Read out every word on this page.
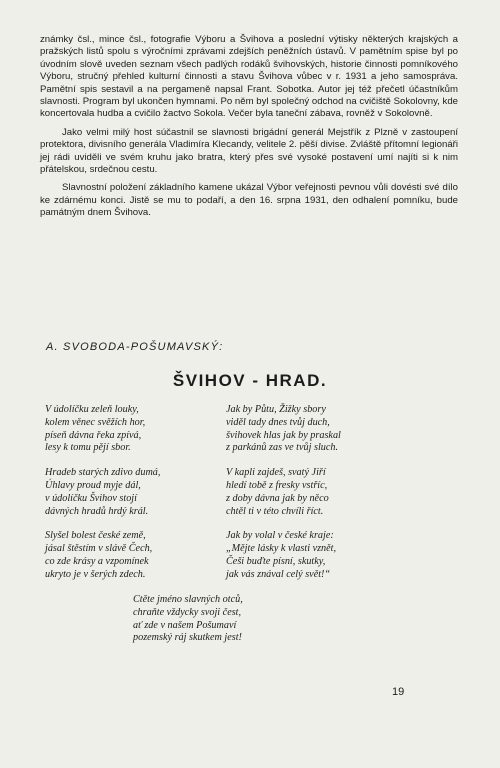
známky čsl., mince čsl., fotografie Výboru a Švihova a poslední výtisky některých krajských a pražských listů spolu s výročními zprávami zdejších peněžních ústavů. V pamětním spise byl po úvodním slově uveden seznam všech padlých rodáků švihovských, historie činnosti pomníkového Výboru, stručný přehled kulturní činnosti a stavu Švihova vůbec v r. 1931 a jeho samospráva. Pamětní spis sestavil a na pergameně napsal Frant. Sobotka. Autor jej též přečetl účastníkům slavnosti. Program byl ukončen hymnami. Po něm byl společný odchod na cvičiště Sokolovny, kde koncertovala hudba a cvičilo žactvo Sokola. Večer byla taneční zábava, rovněž v Sokolovně.

Jako velmi milý host súčastnil se slavnosti brigádní generál Mejstřík z Plzně v zastoupení protektora, divisního generála Vladimíra Klecandy, velitele 2. pěší divise. Zvláště přítomní legionáři jej rádi uviděli ve svém kruhu jako bratra, který přes své vysoké postavení umí najíti si k nim přátelskou, srdečnou cestu.

Slavnostní položení základního kamene ukázal Výbor veřejnosti pevnou vůli dovésti své dílo ke zdárnému konci. Jistě se mu to podaří, a den 16. srpna 1931, den odhalení pomníku, bude památným dnem Švihova.

A. SVOBODA-POŠUMAVSKÝ:
ŠVIHOV - HRAD.
V údolíčku zeleň louky,
kolem věnec svěžích hor,
píseň dávna řeka zpívá,
lesy k tomu pějí sbor.
Hradeb starých zdivo dumá,
Úhlavy proud myje dál,
v údolíčku Švihov stojí
dávných hradů hrdý král.
Slyšel bolest české země,
jásal štěstím v slávě Čech,
co zde krásy a vzpomínek
ukryto je v šerých zdech.
Jak by Půtu, Žižky sbory
viděl tady dnes tvůj duch,
švihovek hlas jak by praskal
z parkánů zas ve tvůj sluch.
V kapli zajdeš, svatý Jiří
hledí tobě z fresky vstříc,
z doby dávna jak by něco
chtěl ti v této chvíli říct.
Jak by volal v české kraje:
„Mějte lásky k vlasti vznět,
Češi buďte písní, skutky,
jak vás znával celý svět!“
Ctěte jméno slavných otců,
chraňte vždycky svoji čest,
ať zde v našem Pošumaví
pozemský ráj skutkem jest!
19
